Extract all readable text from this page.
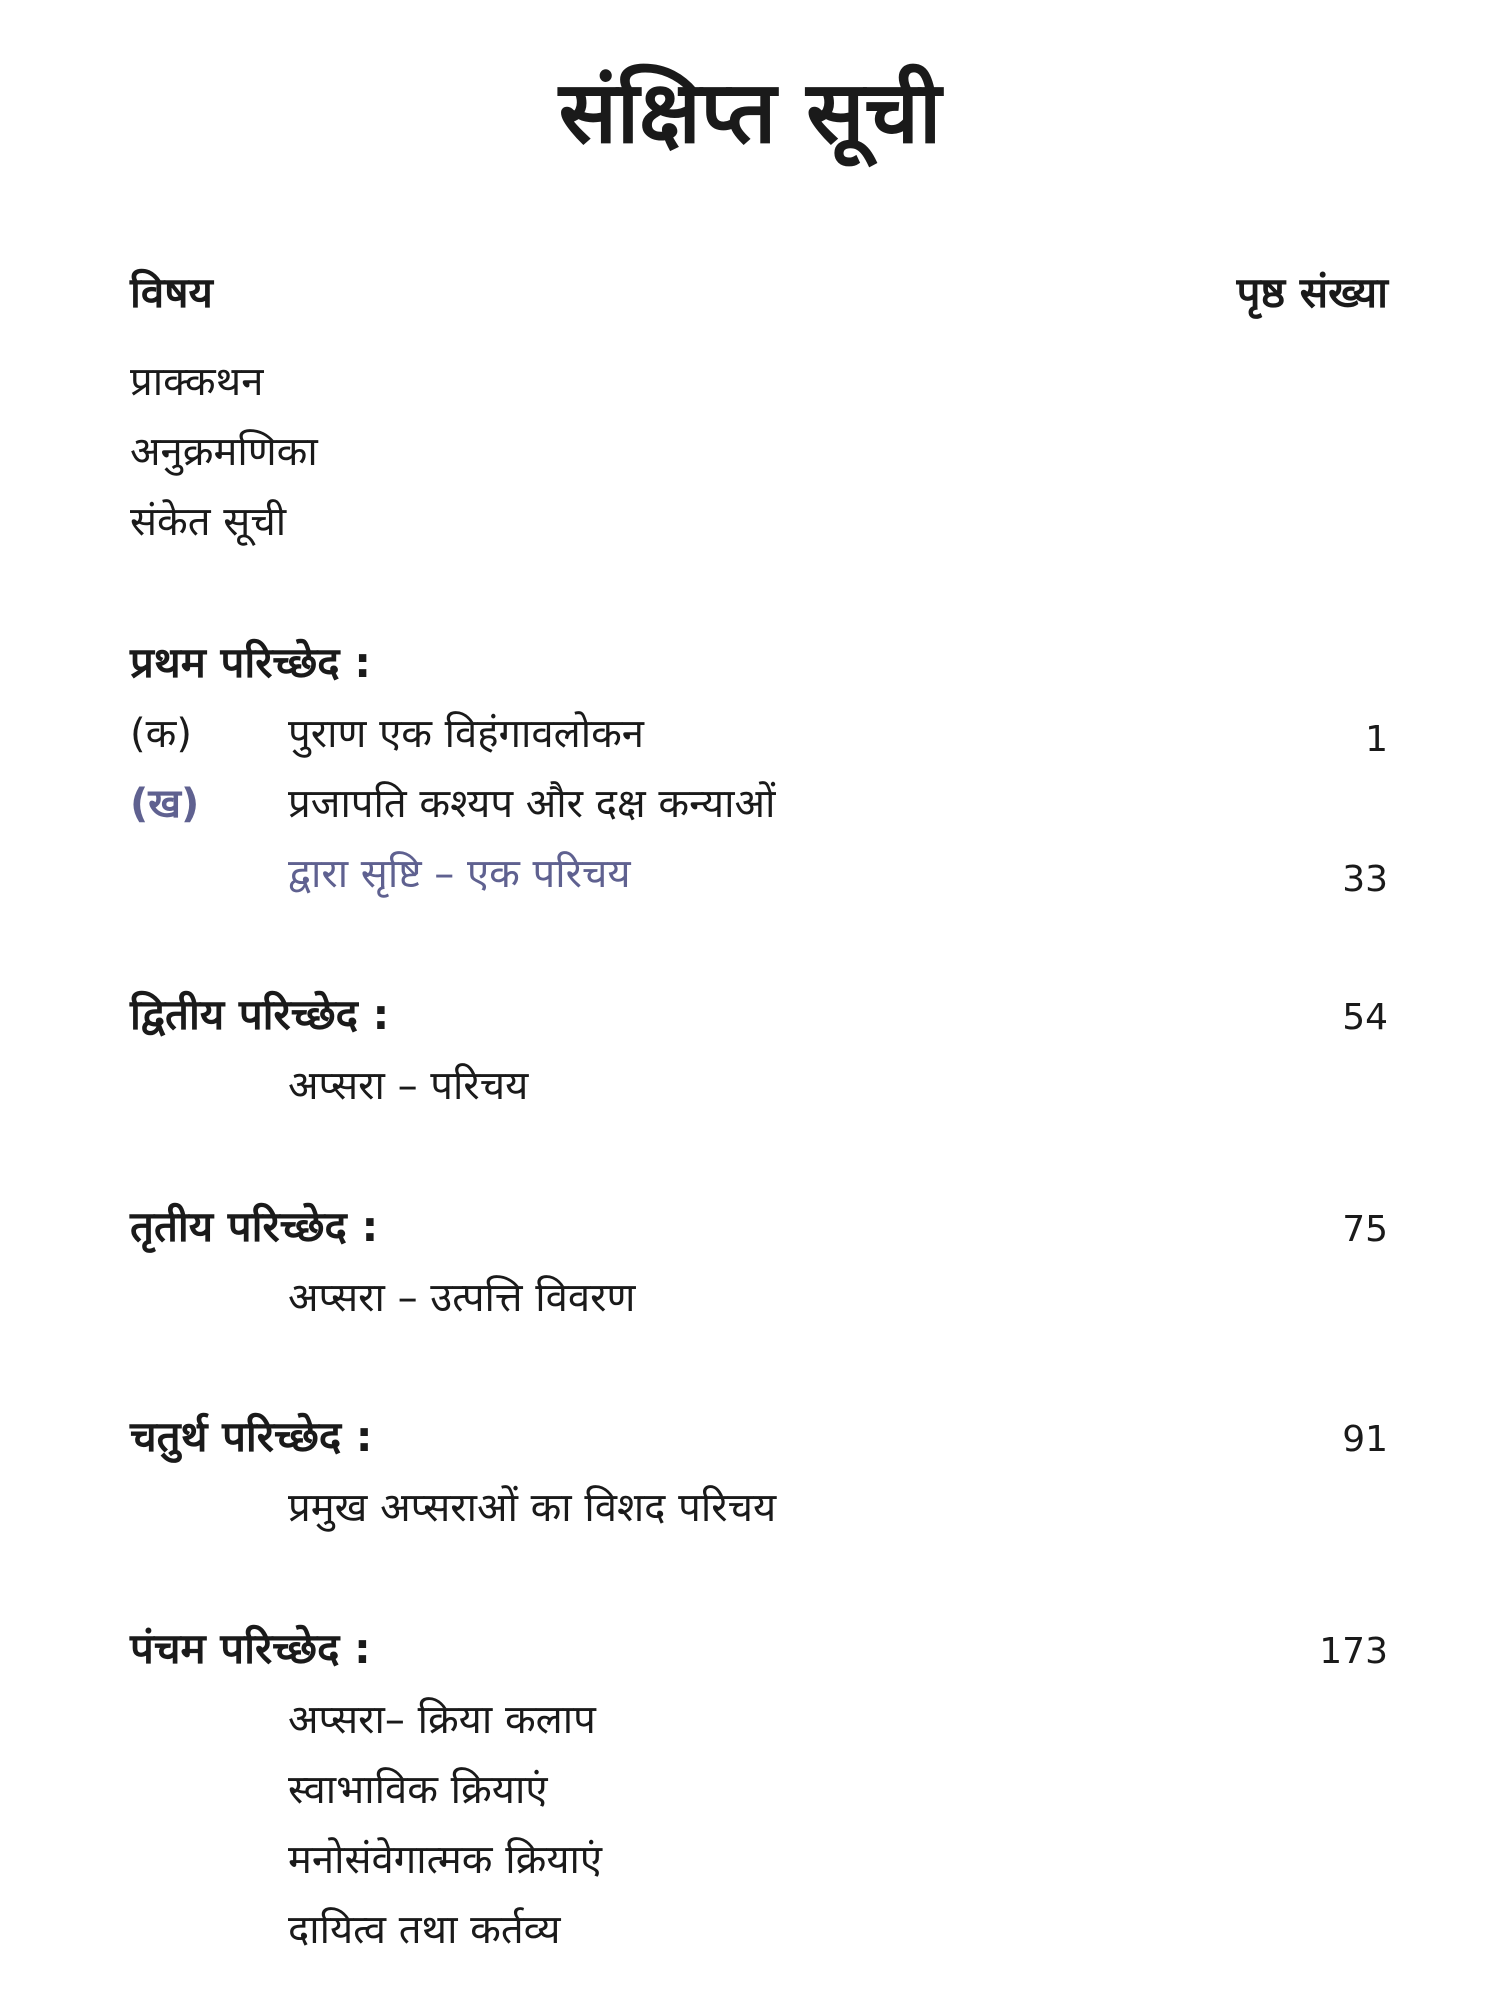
संक्षिप्त सूची
विषय	पृष्ठ संख्या
प्राक्कथन
अनुक्रमणिका
संकेत सूची
प्रथम परिच्छेद :
(क) पुराण एक विहंगावलोकन	1
(ख) प्रजापति कश्यप और दक्ष कन्याओं
द्वारा सृष्टि – एक परिचय	33
द्वितीय परिच्छेद :	54
अप्सरा – परिचय
तृतीय परिच्छेद :	75
अप्सरा – उत्पत्ति विवरण
चतुर्थ परिच्छेद :	91
प्रमुख अप्सराओं का विशद परिचय
पंचम परिच्छेद :	173
अप्सरा– क्रिया कलाप
स्वाभाविक क्रियाएं
मनोसंवेगात्मक क्रियाएं
दायित्व तथा कर्तव्य
